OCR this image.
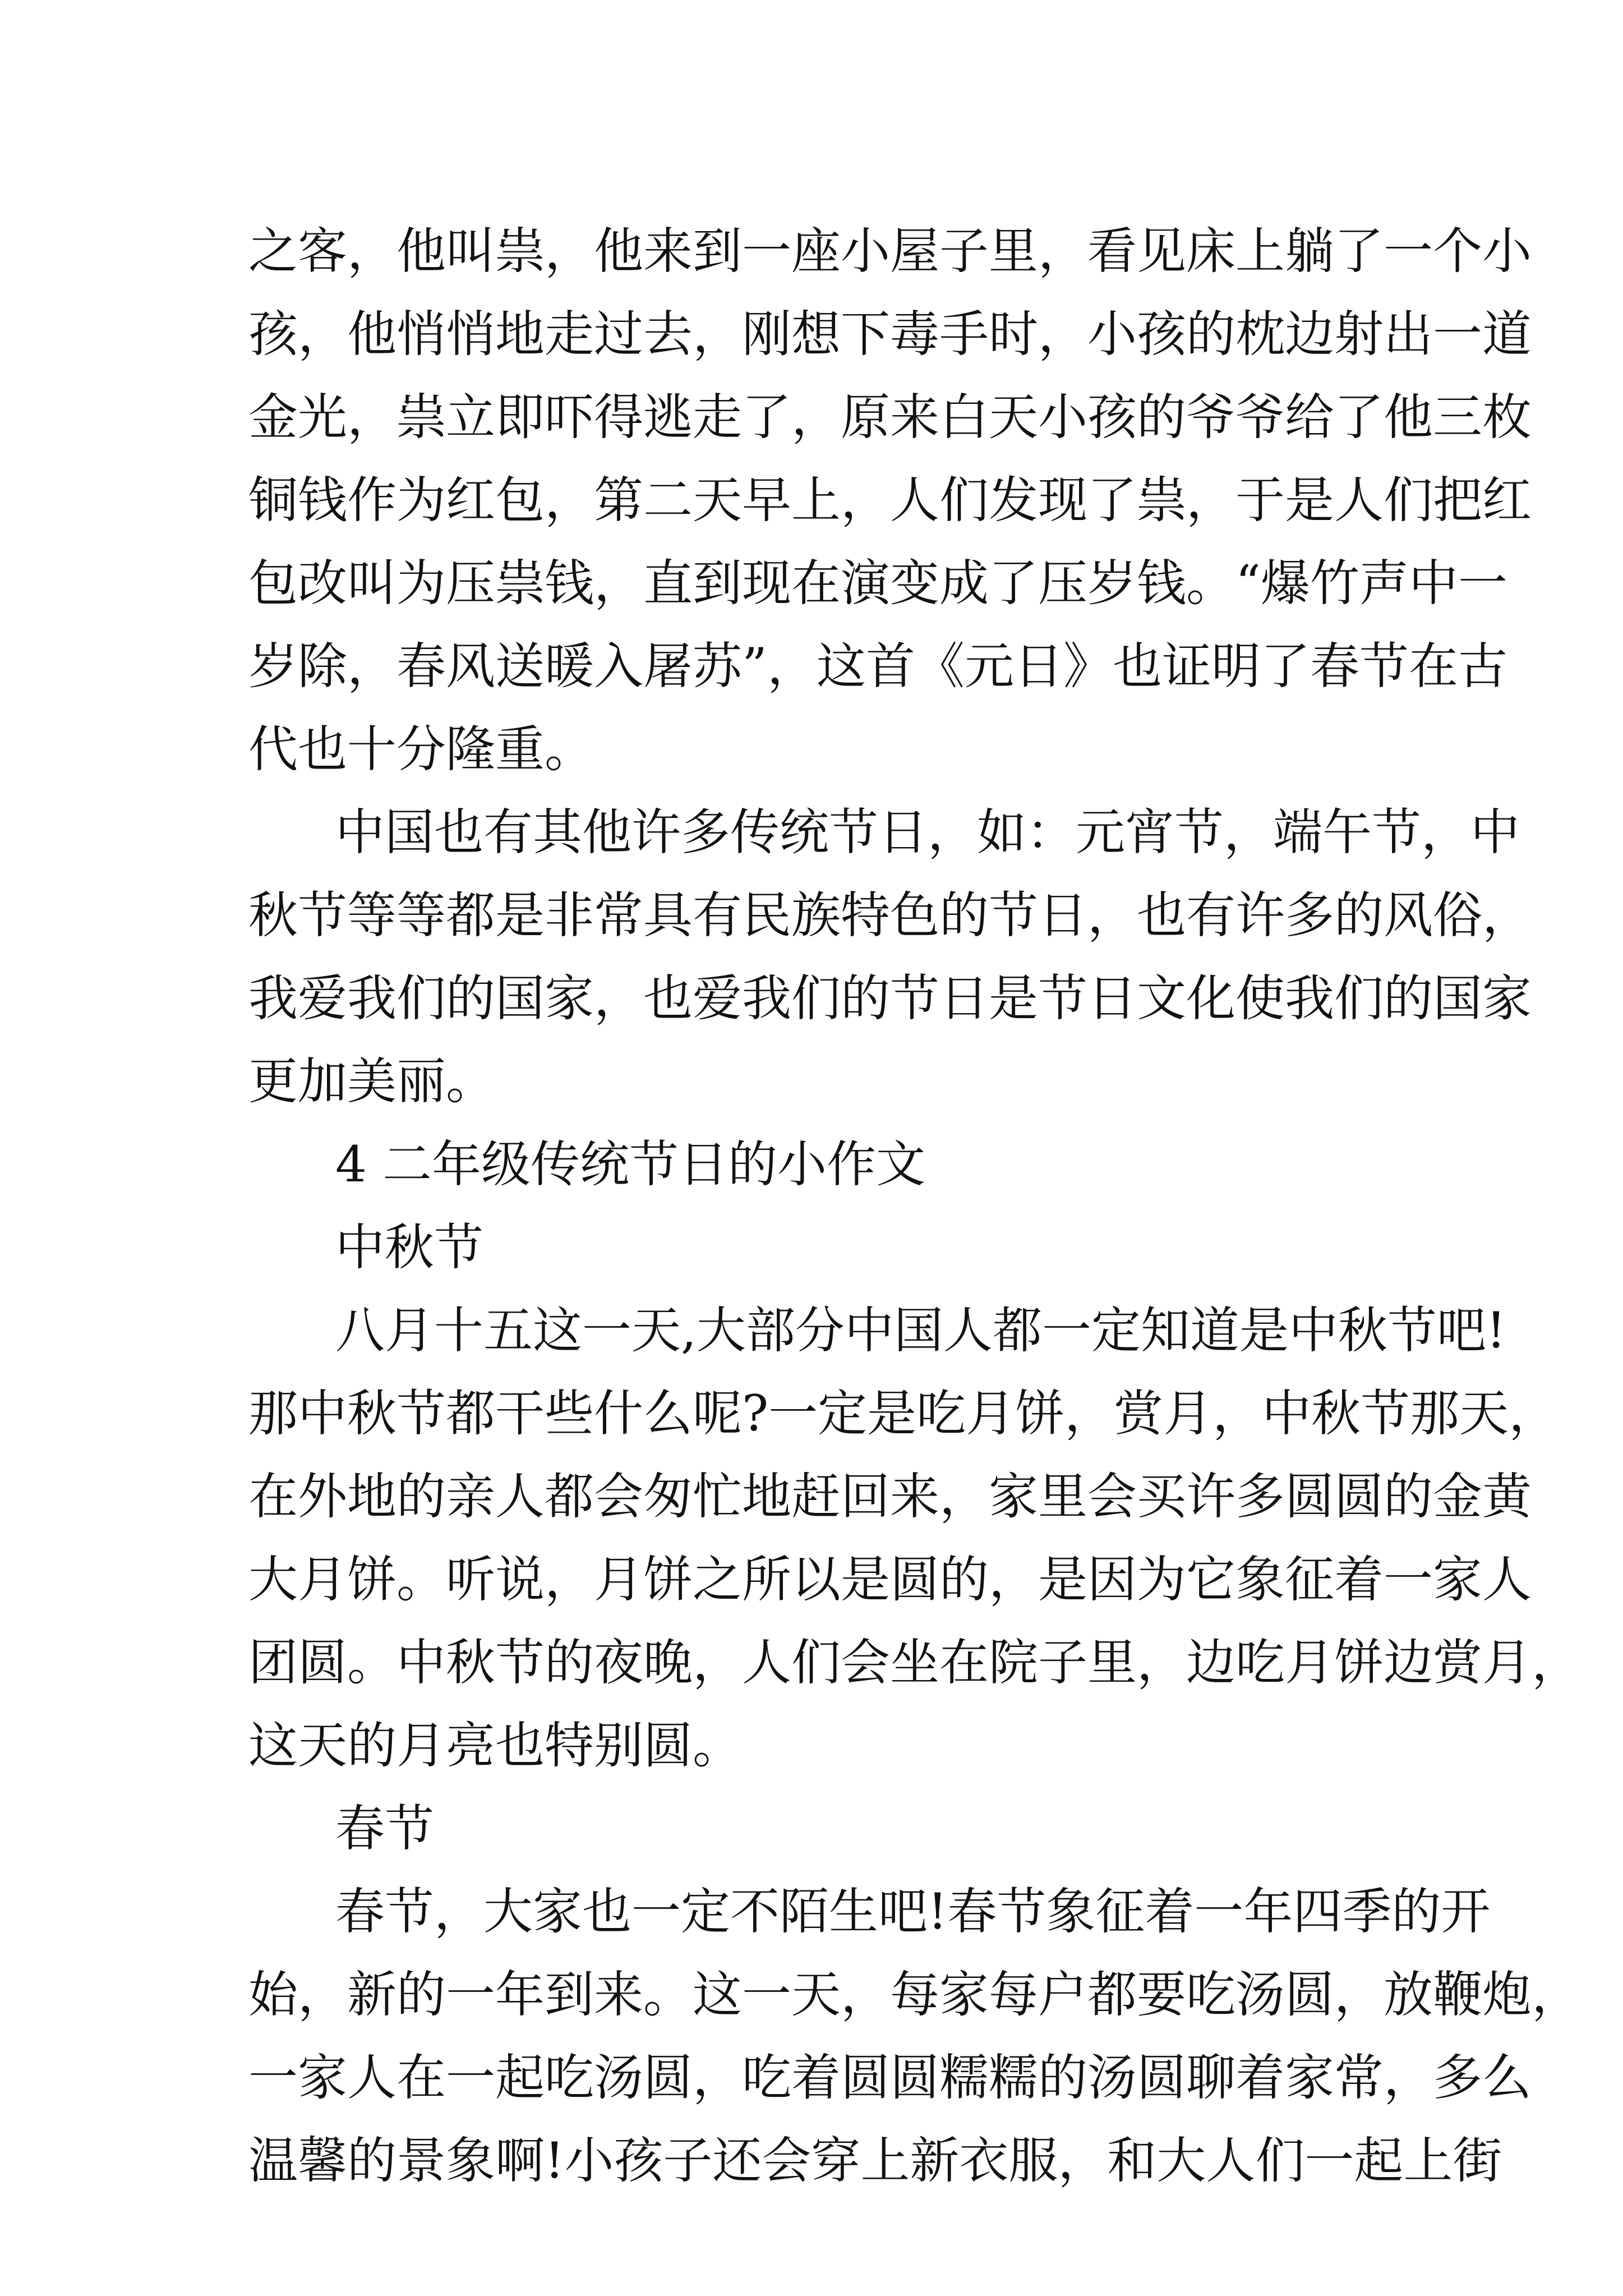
之客，他叫祟，他来到一座小屋子里，看见床上躺了一个小
孩，他悄悄地走过去，刚想下毒手时，小孩的枕边射出一道
金光，祟立即吓得逃走了，原来白天小孩的爷爷给了他三枚
铜钱作为红包，第二天早上，人们发现了祟，于是人们把红
包改叫为压祟钱，直到现在演变成了压岁钱。“爆竹声中一
岁除，春风送暖入屠苏”，这首《元日》也证明了春节在古
代也十分隆重。
中国也有其他许多传统节日，如：元宵节，端午节，中
秋节等等都是非常具有民族特色的节日，也有许多的风俗，
我爱我们的国家，也爱我们的节日是节日文化使我们的国家
更加美丽。
4 二年级传统节日的小作文
中秋节
八月十五这一天,大部分中国人都一定知道是中秋节吧!
那中秋节都干些什么呢?一定是吃月饼，赏月，中秋节那天，
在外地的亲人都会匆忙地赶回来，家里会买许多圆圆的金黄
大月饼。听说，月饼之所以是圆的，是因为它象征着一家人
团圆。中秋节的夜晚，人们会坐在院子里，边吃月饼边赏月，
这天的月亮也特别圆。
春节
春节，大家也一定不陌生吧!春节象征着一年四季的开
始，新的一年到来。这一天，每家每户都要吃汤圆，放鞭炮，
一家人在一起吃汤圆，吃着圆圆糯糯的汤圆聊着家常，多么
温馨的景象啊!小孩子还会穿上新衣服，和大人们一起上街
